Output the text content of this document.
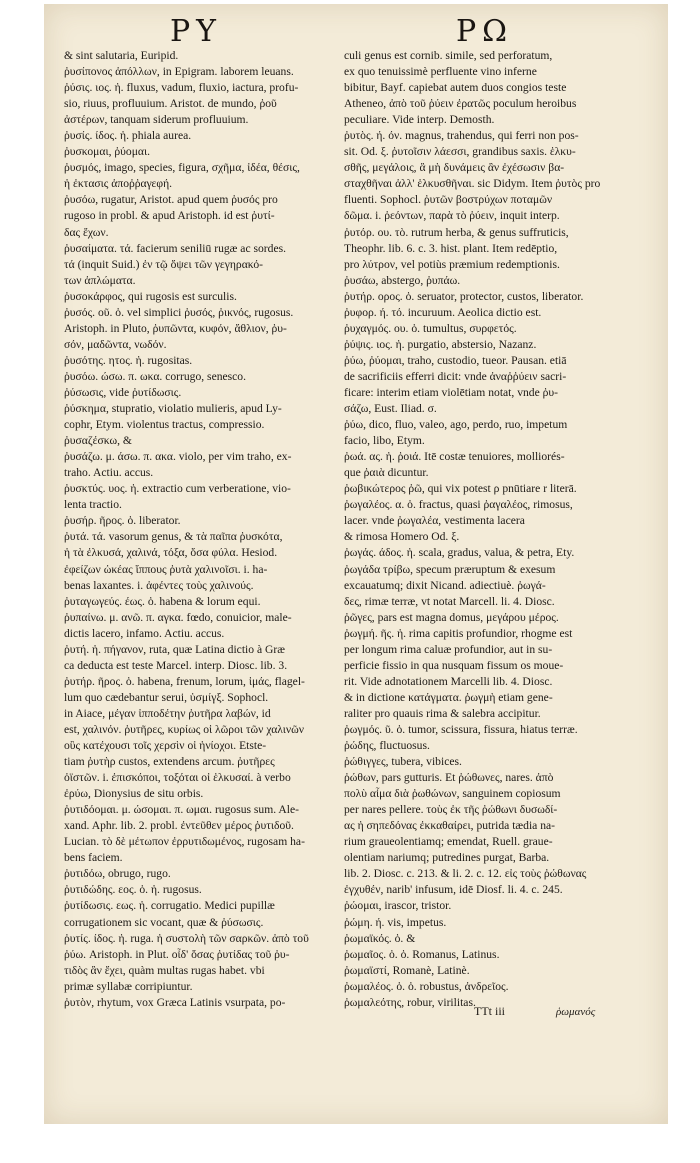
ΡΥ	ΡΩ
& sint salutaria, Euripid.
ῥυσίπονος ἀπόλλων, in Epigram. laborem leuans.
ῥύσις. ιος. ἡ. fluxus, vadum, fluxio, iactura, profu-
sio, riuus, profluuium. Aristot. de mundo, ῥοῦ
ἀστέρων, tanquam siderum profluuium.
ῥυσίς. ίδος. ἡ. phiala aurea.
ῥυσκομαι, ῥύομαι.
ῥυσμός, imago, species, figura, σχῆμα, ἰδέα, θέσις,
ἡ ἐκτασις ἀποῤῥαγεφή.
ῥυσόω, rugatur, Aristot. apud quem ῥυσός pro
rugoso in probl. & apud Aristoph. id est ῥυτί-
δας ἔχων.
ῥυσαίματα. τά. facierum seniliū rugæ ac sordes.
τά (inquit Suid.) ἐν τῷ ὄψει τῶν γεγηρακό-
των ἀπλώματα.
ῥυσοκάρφος, qui rugosis est surculis.
ῥυσός. οῦ. ὁ. vel simplici ῥυσός, ῥικνός, rugosus.
Aristoph. in Pluto, ῥυπῶντα, κυφόν, ἄθλιον, ῥυ-
σόν, μαδῶντα, νωδόν.
ῥυσότης. ητος. ἡ. rugositas.
ῥυσόω. ώσω. π. ωκα. corrugo, senesco.
ῥύσωσις, vide ῥυτίδωσις.
ῥύσκημα, stupratio, violatio mulieris, apud Ly-
cophr, Etym. violentus tractus, compressio.
ῥυσαζέσκω, &
ῥυσάζω. μ. άσω. π. ακα. violo, per vim traho, ex-
traho. Actiu. accus.
ῥυσκτύς. υος. ἡ. extractio cum verberatione, vio-
lenta tractio.
ῥυσήρ. ῆρος. ὁ. liberator.
ῥυτά. τά. vasorum genus, & τὰ παῖπα ῥυσκότα,
ἡ τὰ ἐλκυσά, χαλινά, τόξα, ὅσα φύλα. Hesiod.
ἐφείζων ὠκέας ἵππους ῥυτὰ χαλινοῖσι. i. ha-
benas laxantes. i. ἀφέντες τοὺς χαλινούς.
ῥυταγωγεύς. έως. ὁ. habena & lorum equi.
ῥυπαίνω. μ. ανῶ. π. αγκα. fœdo, conuicior, male-
dictis lacero, infamo. Actiu. accus.
ῥυτή. ἡ. πήγανον, ruta, quæ Latina dictio à Græ
ca deducta est teste Marcel. interp. Diosc. lib. 3.
ῥυτήρ. ῆρος. ὁ. habena, frenum, lorum, ἱμάς, flagel-
lum quo cædebantur serui, ὑσμίγξ. Sophocl.
in Aiace, μέγαν ἱπποδέτην ῥυτῆρα λαβών, id
est, χαλινόν. ῥυτῆρες, κυρίως οἱ λῶροι τῶν χαλινῶν
οὓς κατέχουσι τοῖς χερσὶν οἱ ἡνίοχοι. Etste-
tiam ῥυτὴρ custos, extendens arcum. ῥυτῆρες
ὀϊστῶν. i. ἐπισκόποι, τοξόται οἱ ἑλκυσαί. à verbo
ἐρύω, Dionysius de situ orbis.
ῥυτιδόομαι. μ. ώσομαι. π. ωμαι. rugosus sum. Ale-
xand. Aphr. lib. 2. probl. ἐντεῦθεν μέρος ῥυτιδοῦ.
Lucian. τὸ δὲ μέτωπον ἐρρυτιδωμένος, rugosam ha-
bens faciem.
ῥυτιδόω, obrugo, rugo.
ῥυτιδώδης. εος. ὁ. ἡ. rugosus.
ῥυτίδωσις. εως. ἡ. corrugatio. Medici pupillæ
corrugationem sic vocant, quæ & ῥύσωσις.
ῥυτίς. ίδος. ἡ. ruga. ἡ συστολὴ τῶν σαρκῶν. ἀπὸ τοῦ
ῥύω. Aristoph. in Plut. οἶδ' ὅσας ῥυτίδας τοῦ ῥυ-
τιδὸς ἂν ἔχει, quàm multas rugas habet. vbi
primæ syllabæ corripiuntur.
ῥυτὸν, rhytum, vox Græca Latinis vsurpata, po-
culi genus est cornib. simile, sed perforatum,
ex quo tenuissimè perfluente vino inferne
bibitur, Bayf. capiebat autem duos congios teste
Atheneo, ἀπὸ τοῦ ῥύειν ἐρατῶς poculum heroibus
peculiare. Vide interp. Demosth.
ῥυτὸς. ή. όν. magnus, trahendus, qui ferri non pos-
sit. Od. ξ. ῥυτοῖσιν λάεσσι, grandibus saxis. ἑλκυ-
σθῆς, μεγάλοις, ἃ μὴ δυνάμεις ἂν ἐχέσωσιν βα-
σταχθῆναι ἀλλ' ἑλκυσθῆναι. sic Didym. Item ῥυτὸς pro
fluenti. Sophocl. ῥυτῶν βοστρύχων ποταμῶν
δῶμα. i. ῥεόντων, παρὰ τὸ ῥύειν, inquit interp.
ῥυτόρ. ου. τὸ. rutrum herba, & genus suffruticis,
Theophr. lib. 6. c. 3. hist. plant. Item redēptio,
pro λύτρον, vel potiùs præmium redemptionis.
ῥυσάω, abstergo, ῥυπάω.
ῥυτήρ. ορος. ὁ. seruator, protector, custos, liberator.
ῥυφορ. ή. τό. incuruum. Aeolica dictio est.
ῥυχαγμός. ου. ὁ. tumultus, συρφετός.
ῥύψις. ιος. ἡ. purgatio, abstersio, Nazanz.
ῥύω, ῥύομαι, traho, custodio, tueor. Pausan. etiā
de sacrificiis efferri dicit: vnde ἀναῤῥύειν sacri-
ficare: interim etiam violētiam notat, vnde ῥυ-
σάζω, Eust. Iliad. σ.
ῥύω, dico, fluo, valeo, ago, perdo, ruo, impetum
facio, libo, Etym.
ῥωά. ας. ἡ. ῥοιά. Itē costæ tenuiores, molliorés-
que ῥαιὰ dicuntur.
ῥωβικώτερος ῥῶ, qui vix potest ρ pnūtiare r literā.
ῥωγαλέος. α. ὁ. fractus, quasi ῥαγαλέος, rimosus,
lacer. vnde ῥωγαλέα, vestimenta lacera
& rimosa Homero Od. ξ.
ῥωγάς. άδος. ἡ. scala, gradus, valua, & petra, Ety.
ῥωγάδα τρίβω, specum præruptum & exesum
excauatumq; dixit Nicand. adiectiuè. ῥωγά-
δες, rimæ terræ, vt notat Marcell. li. 4. Diosc.
ῥῶγες, pars est magna domus, μεγάρου μέρος.
ῥωγμή. ῆς. ἡ. rima capitis profundior, rhogme est
per longum rima caluæ profundior, aut in su-
perficie fissio in qua nusquam fissum os moue-
rit. Vide adnotationem Marcelli lib. 4. Diosc.
& in dictione κατάγματα. ῥωγμὴ etiam gene-
raliter pro quauis rima & salebra accipitur.
ῥωγμός. ῦ. ὁ. tumor, scissura, fissura, hiatus terræ.
ῥώδης, fluctuosus.
ῥώθιγγες, tubera, vibices.
ῥώθων, pars gutturis. Et ῥώθωνες, nares. ἀπὸ
πολὺ αἷμα διὰ ῥωθώνων, sanguinem copiosum
per nares pellere. τοὺς ἐκ τῆς ῥώθωνι δυσωδί-
ας ἡ σηπεδόνας ἐκκαθαίρει, putrida tædia na-
rium graueolentiamq; emendat, Ruell. graue-
olentiam nariumq; putredines purgat, Barba.
lib. 2. Diosc. c. 213. & li. 2. c. 12. εἰς τοὺς ῥώθωνας
ἐγχυθέν, narib' infusum, idē Diosf. li. 4. c. 245.
ῥώομαι, irascor, tristor.
ῥώμη. ή. vis, impetus.
ῥωμαϊκός. ὁ. &
ῥωμαῖος. ὁ. ὁ. Romanus, Latinus.
ῥωμαϊστί, Romanè, Latinè.
ῥωμαλέος. ὁ. ὁ. robustus, ἀνδρεῖος.
ῥωμαλεότης, robur, virilitas.
TTt iii	ῥωμανός
